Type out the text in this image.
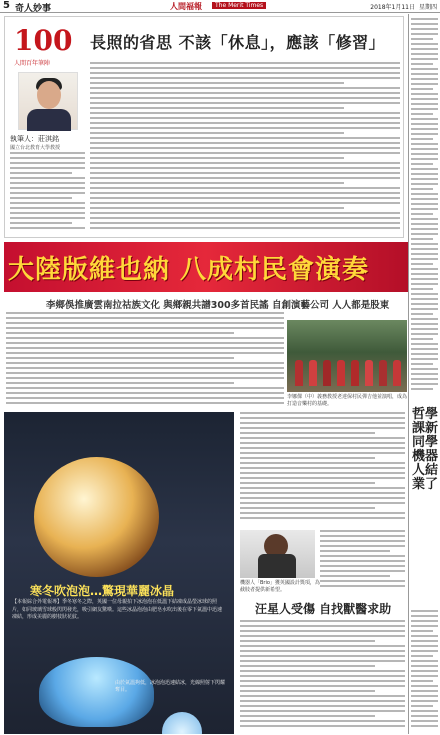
5 奇人妙事	人間福報	The Merit Times	2018年1月11日 星期四
哲學課新同學 機器人結業了
100
人間百年筆陣
執筆人：莊淇銘
國立台北教育大學教授
長照的省思 不該「休息」，應該「修習」
大陸版維也納 八成村民會演奏
李鄉俁推廣雲南拉祜族文化 與鄉親共譜300多首民謠 自創演藝公司 人人都是股東
李娜倮（中）義務教授老達保村民彈吉他並演唱，成為打造音樂村的基礎。
寒冬吹泡泡…驚現華麗冰晶
【本報綜合外電報導】季冬寒冬之際，英國一位母親拍下冰泡泡在低溫下結凍成晶瑩冰球的照片，如同玻璃雪球般閃閃發光，吸引網友驚嘆。這些冰晶泡泡由肥皂水吹出後在零下氣溫中迅速凍結，形成美麗的樹枝狀花紋。
由於氣溫夠低，冰泡泡迅速結冰，光線照射下閃耀奪目。
機器人「Brio」獲英國設計獎項，為截肢者提供新希望。
汪星人受傷 自找獸醫求助
